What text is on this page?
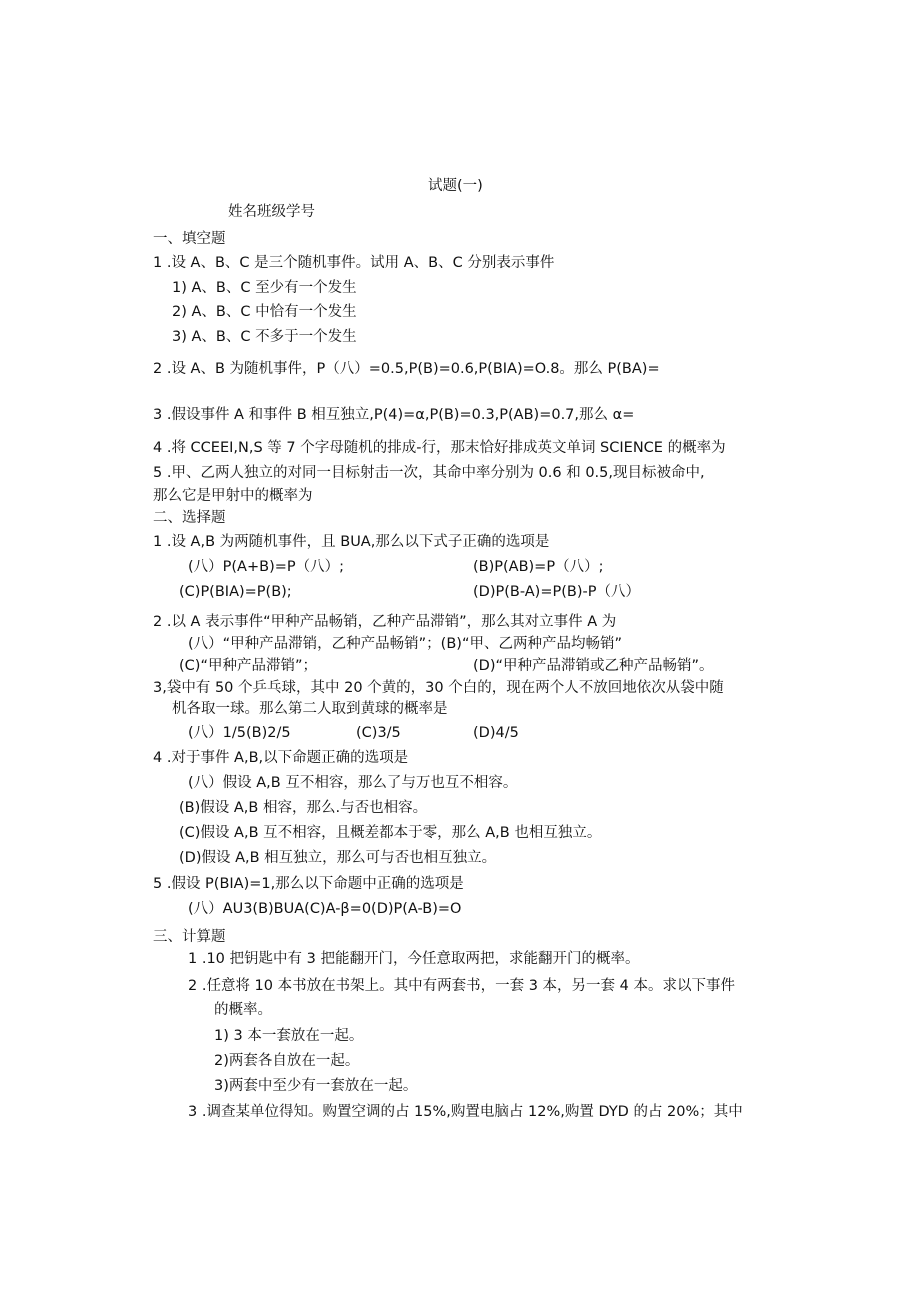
试题(一)
姓名班级学号
一、填空题
1 .设 A、B、C 是三个随机事件。试用 A、B、C 分别表示事件
1) A、B、C 至少有一个发生
2) A、B、C 中恰有一个发生
3) A、B、C 不多于一个发生
2 .设 A、B 为随机事件，P（八）=0.5,P(B)=0.6,P(BIA)=O.8。那么 P(BA)=
3 .假设事件 A 和事件 B 相互独立,P(4)=α,P(B)=0.3,P(AB)=0.7,那么 α=
4 .将 CCEEI,N,S 等 7 个字母随机的排成-行，那末恰好排成英文单词 SCIENCE 的概率为
5 .甲、乙两人独立的对同一目标射击一次，其命中率分别为 0.6 和 0.5,现目标被命中,
那么它是甲射中的概率为
二、选择题
1 .设 A,B 为两随机事件，且 BUA,那么以下式子正确的选项是
(八）P(A+B)=P（八）;	(B)P(AB)=P（八）;
(C)P(BIA)=P(B);	(D)P(B-A)=P(B)-P（八）
2 .以 A 表示事件“甲种产品畅销，乙种产品滞销”，那么其对立事件 A 为
(八）“甲种产品滞销，乙种产品畅销”；(B)“甲、乙两种产品均畅销”
(C)“甲种产品滞销”；	(D)“甲种产品滞销或乙种产品畅销”。
3,袋中有 50 个乒乓球，其中 20 个黄的，30 个白的，现在两个人不放回地依次从袋中随
机各取一球。那么第二人取到黄球的概率是
(八）1/5(B)2/5	(C)3/5	(D)4/5
4 .对于事件 A,B,以下命题正确的选项是
(八）假设 A,B 互不相容，那么了与万也互不相容。
(B)假设 A,B 相容，那么.与否也相容。
(C)假设 A,B 互不相容，且概差都本于零，那么 A,B 也相互独立。
(D)假设 A,B 相互独立，那么可与否也相互独立。
5 .假设 P(BIA)=1,那么以下命题中正确的选项是
(八）AU3(B)BUA(C)A-β=0(D)P(A-B)=O
三、计算题
1 .10 把钥匙中有 3 把能翻开门，今任意取两把，求能翻开门的概率。
2 .任意将 10 本书放在书架上。其中有两套书，一套 3 本，另一套 4 本。求以下事件
的概率。
1) 3 本一套放在一起。
2)两套各自放在一起。
3)两套中至少有一套放在一起。
3 .调查某单位得知。购置空调的占 15%,购置电脑占 12%,购置 DYD 的占 20%；其中
